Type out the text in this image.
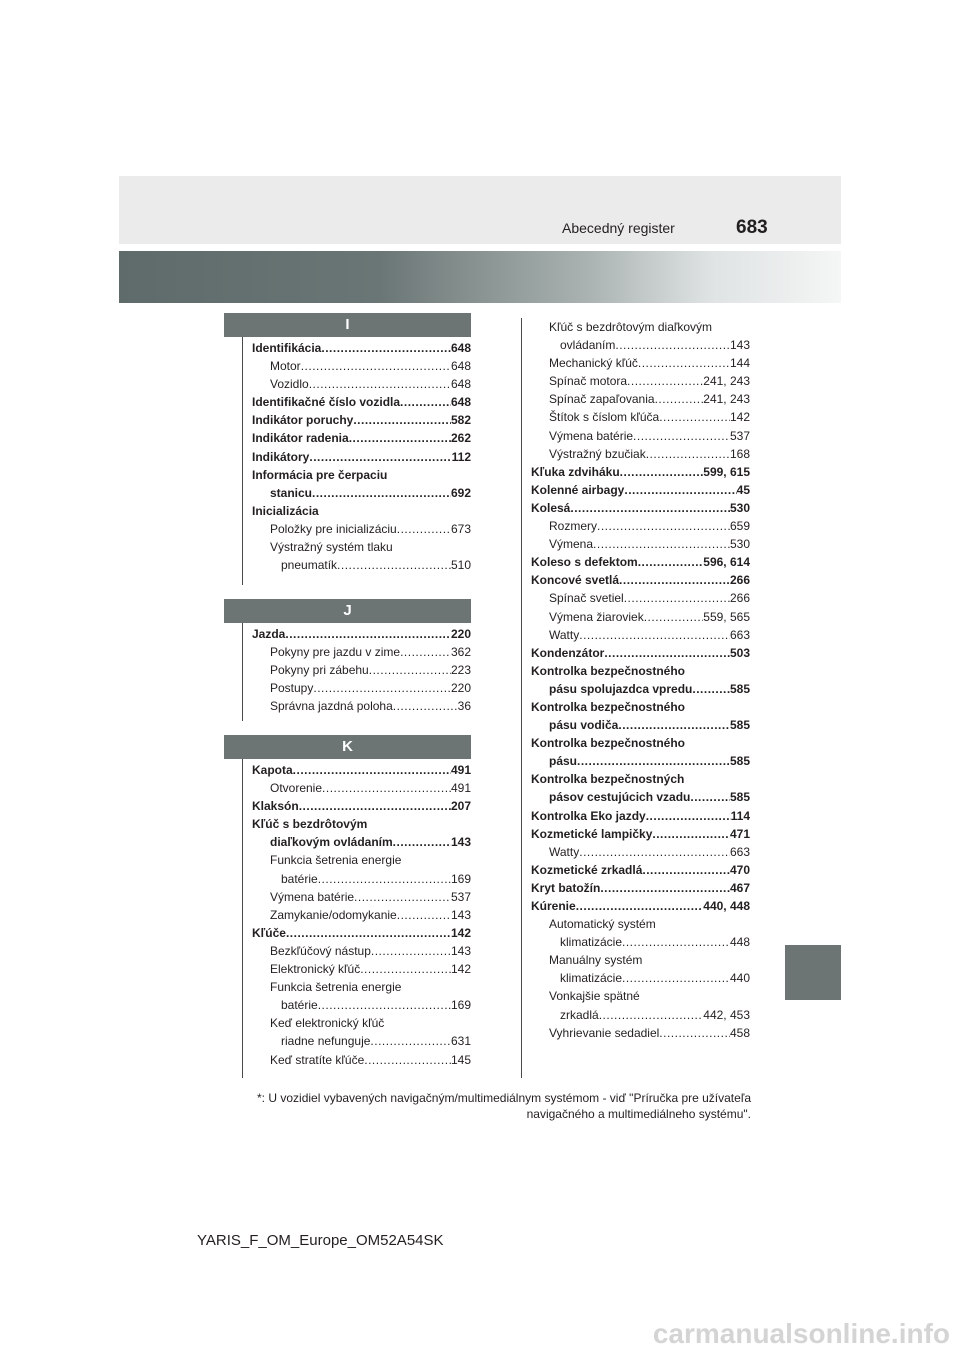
Abecedný register	683
I
J
K
Identifikácia .....	648
Motor .....	648
Vozidlo .....	648
Identifikačné číslo vozidla .....	648
Indikátor poruchy .....	582
Indikátor radenia .....	262
Indikátory .....	112
Informácia pre čerpaciu
stanicu .....	692
Inicializácia
Položky pre inicializáciu .....	673
Výstražný systém tlaku
pneumatík .....	510
Jazda .....	220
Pokyny pre jazdu v zime .....	362
Pokyny pri zábehu .....	223
Postupy .....	220
Správna jazdná poloha .....	36
Kapota .....	491
Otvorenie .....	491
Klaksón .....	207
Kľúč s bezdrôtovým
diaľkovým ovládaním .....	143
Funkcia šetrenia energie
batérie .....	169
Výmena batérie .....	537
Zamykanie/odomykanie .....	143
Kľúče .....	142
Bezkľúčový nástup .....	143
Elektronický kľúč .....	142
Funkcia šetrenia energie
batérie .....	169
Keď elektronický kľúč
riadne nefunguje .....	631
Keď stratíte kľúče .....	145
Kľúč s bezdrôtovým diaľkovým
ovládaním .....	143
Mechanický kľúč .....	144
Spínač motora .....	241, 243
Spínač zapaľovania .....	241, 243
Štítok s číslom kľúča .....	142
Výmena batérie .....	537
Výstražný bzučiak .....	168
Kľuka zdviháku .....	599, 615
Kolenné airbagy .....	45
Kolesá .....	530
Rozmery .....	659
Výmena .....	530
Koleso s defektom .....	596, 614
Koncové svetlá .....	266
Spínač svetiel .....	266
Výmena žiaroviek .....	559, 565
Watty .....	663
Kondenzátor .....	503
Kontrolka bezpečnostného
pásu spolujazdca vpredu .....	585
Kontrolka bezpečnostného
pásu vodiča .....	585
Kontrolka bezpečnostného
pásu .....	585
Kontrolka bezpečnostných
pásov cestujúcich vzadu .....	585
Kontrolka Eko jazdy .....	114
Kozmetické lampičky .....	471
Watty .....	663
Kozmetické zrkadlá .....	470
Kryt batožín .....	467
Kúrenie .....	440, 448
Automatický systém
klimatizácie .....	448
Manuálny systém
klimatizácie .....	440
Vonkajšie spätné
zrkadlá .....	442, 453
Vyhrievanie sedadiel .....	458
*: U vozidiel vybavených navigačným/multimediálnym systémom - viď "Príručka pre užívateľa
navigačného a multimediálneho systému".
YARIS_F_OM_Europe_OM52A54SK
carmanualsonline.info
